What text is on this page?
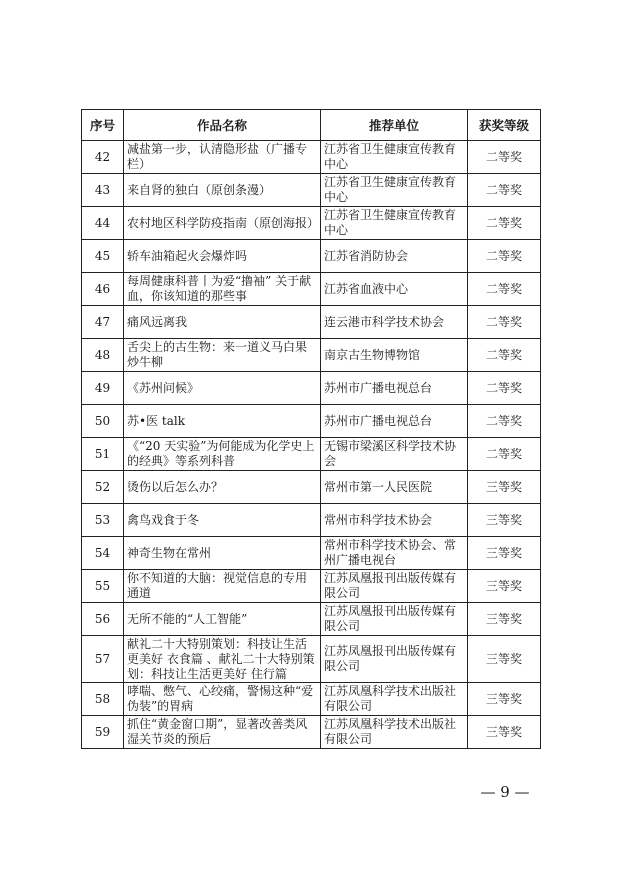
序号	作品名称	推荐单位	获奖等级
42	减盐第一步，认清隐形盐（广播专栏）	江苏省卫生健康宣传教育中心	二等奖
43	来自肾的独白（原创条漫）	江苏省卫生健康宣传教育中心	二等奖
44	农村地区科学防疫指南（原创海报）	江苏省卫生健康宣传教育中心	二等奖
45	轿车油箱起火会爆炸吗	江苏省消防协会	二等奖
46	每周健康科普丨为爱“撸袖” 关于献血，你该知道的那些事	江苏省血液中心	二等奖
47	痛风远离我	连云港市科学技术协会	二等奖
48	舌尖上的古生物：来一道义马白果炒牛柳	南京古生物博物馆	二等奖
49	《苏州问候》	苏州市广播电视总台	二等奖
50	苏•医 talk	苏州市广播电视总台	二等奖
51	《“20 天实验”为何能成为化学史上的经典》等系列科普	无锡市梁溪区科学技术协会	二等奖
52	烫伤以后怎么办？	常州市第一人民医院	三等奖
53	禽鸟戏食于冬	常州市科学技术协会	三等奖
54	神奇生物在常州	常州市科学技术协会、常州广播电视台	三等奖
55	你不知道的大脑：视觉信息的专用通道	江苏凤凰报刊出版传媒有限公司	三等奖
56	无所不能的“人工智能”	江苏凤凰报刊出版传媒有限公司	三等奖
57	献礼二十大特别策划：科技让生活更美好 衣食篇 、献礼二十大特别策划：科技让生活更美好 住行篇	江苏凤凰报刊出版传媒有限公司	三等奖
58	哮喘、憋气、心绞痛，警惕这种“爱伪装”的胃病	江苏凤凰科学技术出版社有限公司	三等奖
59	抓住“黄金窗口期”，显著改善类风湿关节炎的预后	江苏凤凰科学技术出版社有限公司	三等奖
— 9 —
